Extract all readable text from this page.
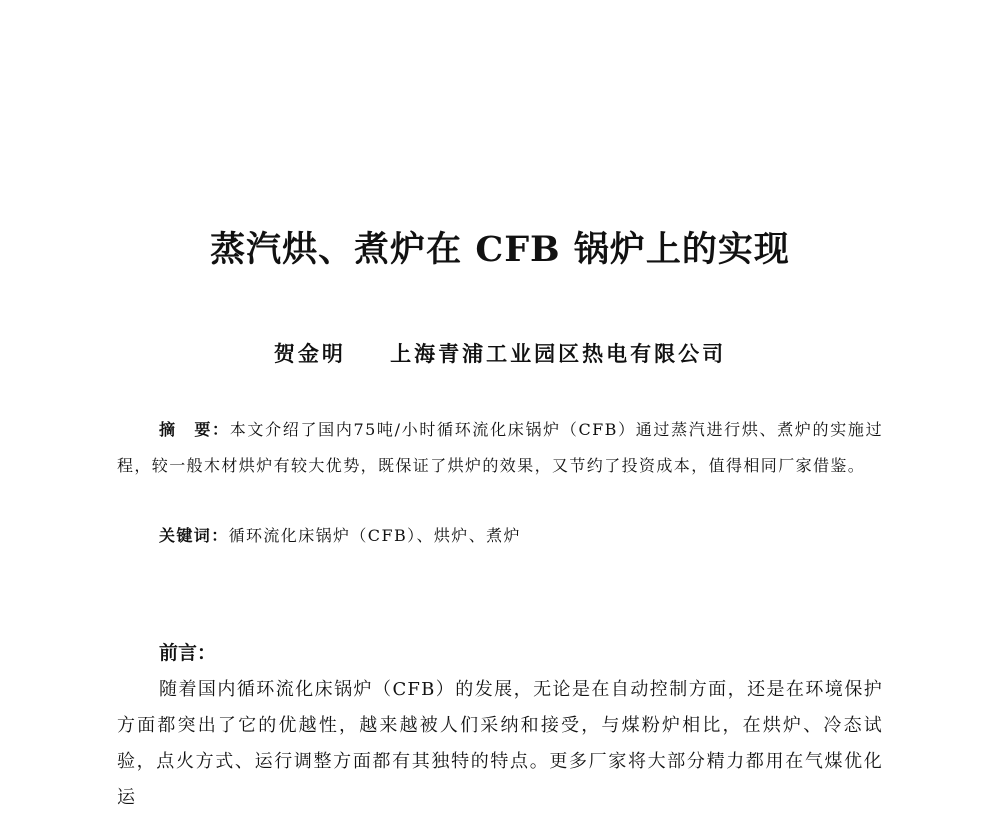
蒸汽烘、煮炉在 CFB 锅炉上的实现
贺金明 上海青浦工业园区热电有限公司

摘　要：本文介绍了国内75吨/小时循环流化床锅炉（CFB）通过蒸汽进行烘、煮炉的实施过程，较一般木材烘炉有较大优势，既保证了烘炉的效果，又节约了投资成本，值得相同厂家借鉴。

关键词：循环流化床锅炉（CFB）、烘炉、煮炉

前言：

随着国内循环流化床锅炉（CFB）的发展，无论是在自动控制方面，还是在环境保护方面都突出了它的优越性，越来越被人们采纳和接受，与煤粉炉相比，在烘炉、冷态试验，点火方式、运行调整方面都有其独特的特点。更多厂家将大部分精力都用在气煤优化运
